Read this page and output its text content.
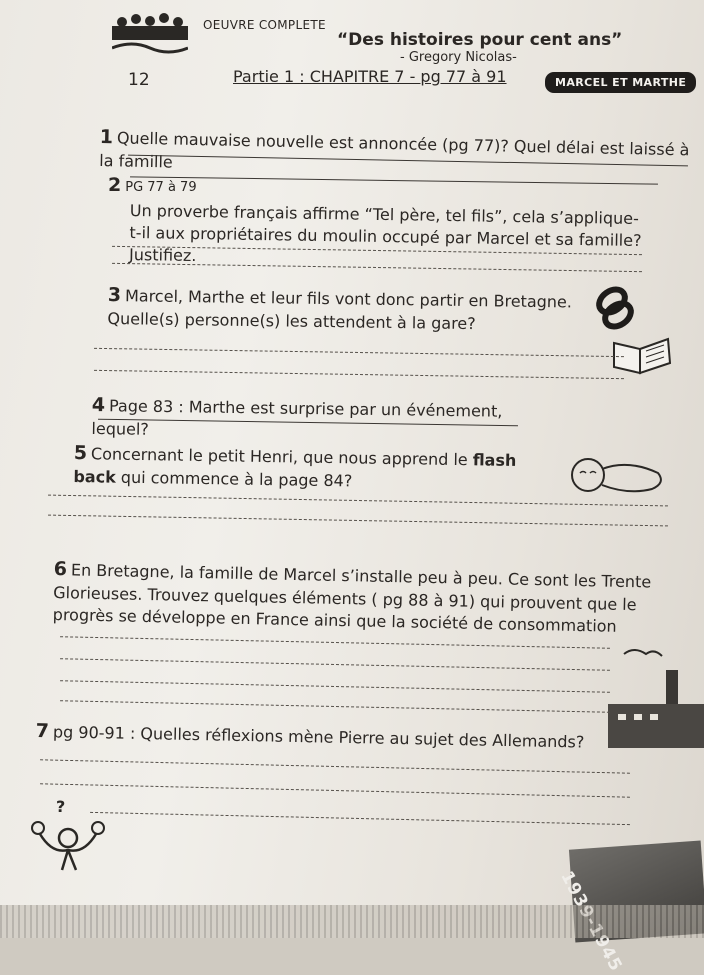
OEUVRE COMPLETE
“Des histoires pour cent ans”
- Gregory Nicolas-
12	Partie 1 : CHAPITRE 7 - pg 77 à 91	MARCEL ET MARTHE
1 Quelle mauvaise nouvelle est annoncée (pg 77)? Quel délai est laissé à la famille
2 PG 77 à 79
Un proverbe français affirme “Tel père, tel fils”, cela s’applique-t-il aux propriétaires du moulin occupé par Marcel et sa famille? Justifiez.
3 Marcel, Marthe et leur fils vont donc partir en Bretagne. Quelle(s) personne(s) les attendent à la gare?
4 Page 83 : Marthe est surprise par un événement, lequel?
5 Concernant le petit Henri, que nous apprend le flash back qui commence à la page 84?
6 En Bretagne, la famille de Marcel s’installe peu à peu. Ce sont les Trente Glorieuses. Trouvez quelques éléments ( pg 88 à 91) qui prouvent que le progrès se développe en France ainsi que la société de consommation
7 pg 90-91 : Quelles réflexions mène Pierre au sujet des Allemands?
?
